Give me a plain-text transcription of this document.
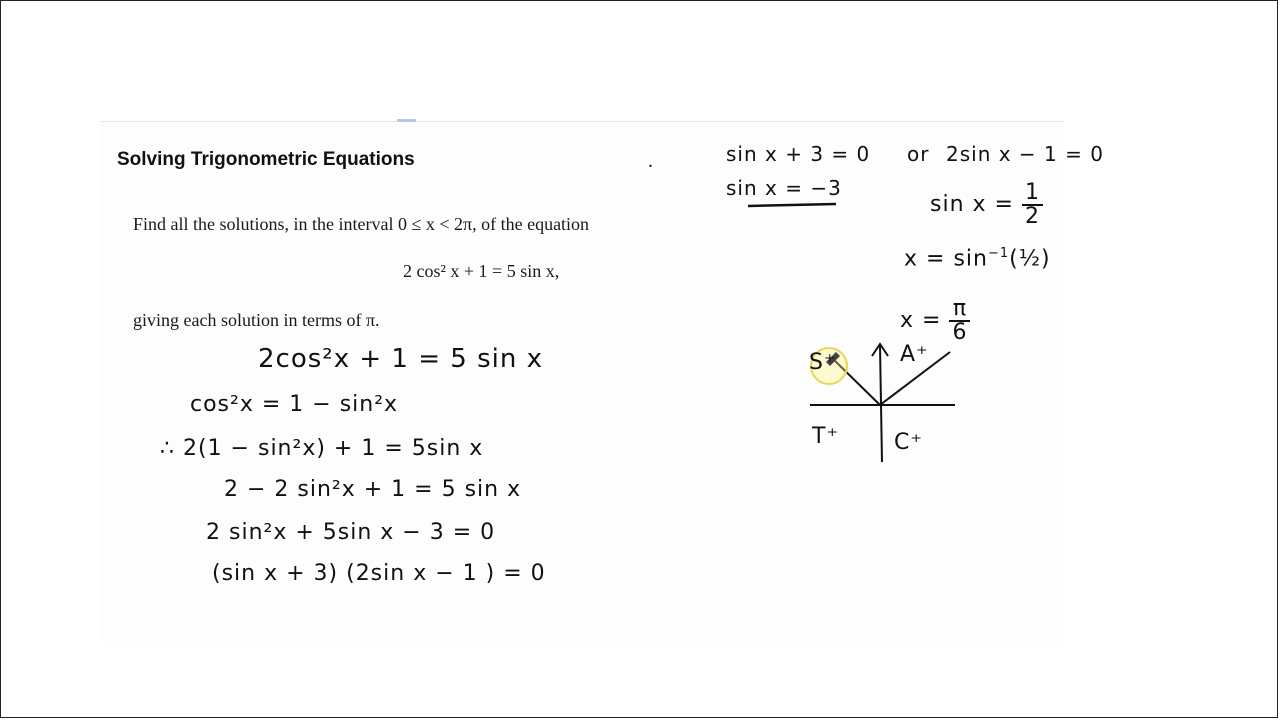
Solving Trigonometric Equations	.
Find all the solutions, in the interval 0 ≤ x < 2π, of the equation
2 cos² x + 1 = 5 sin x,
giving each solution in terms of π.
2cos²x + 1 = 5 sin x
cos²x = 1 − sin²x
∴ 2(1 − sin²x) + 1 = 5sin x
2 − 2 sin²x + 1 = 5 sin x
2 sin²x + 5sin x − 3 = 0
(sin x + 3) (2sin x − 1 ) = 0
sin x + 3 = 0 or 2sin x − 1 = 0
sin x = −3
$\sin x = \frac{1}{2}$
$x = \sin^{-1}(\frac{1}{2})$
$x = \frac{\pi}{6}$
S⁺	A⁺
T⁺ C⁺
